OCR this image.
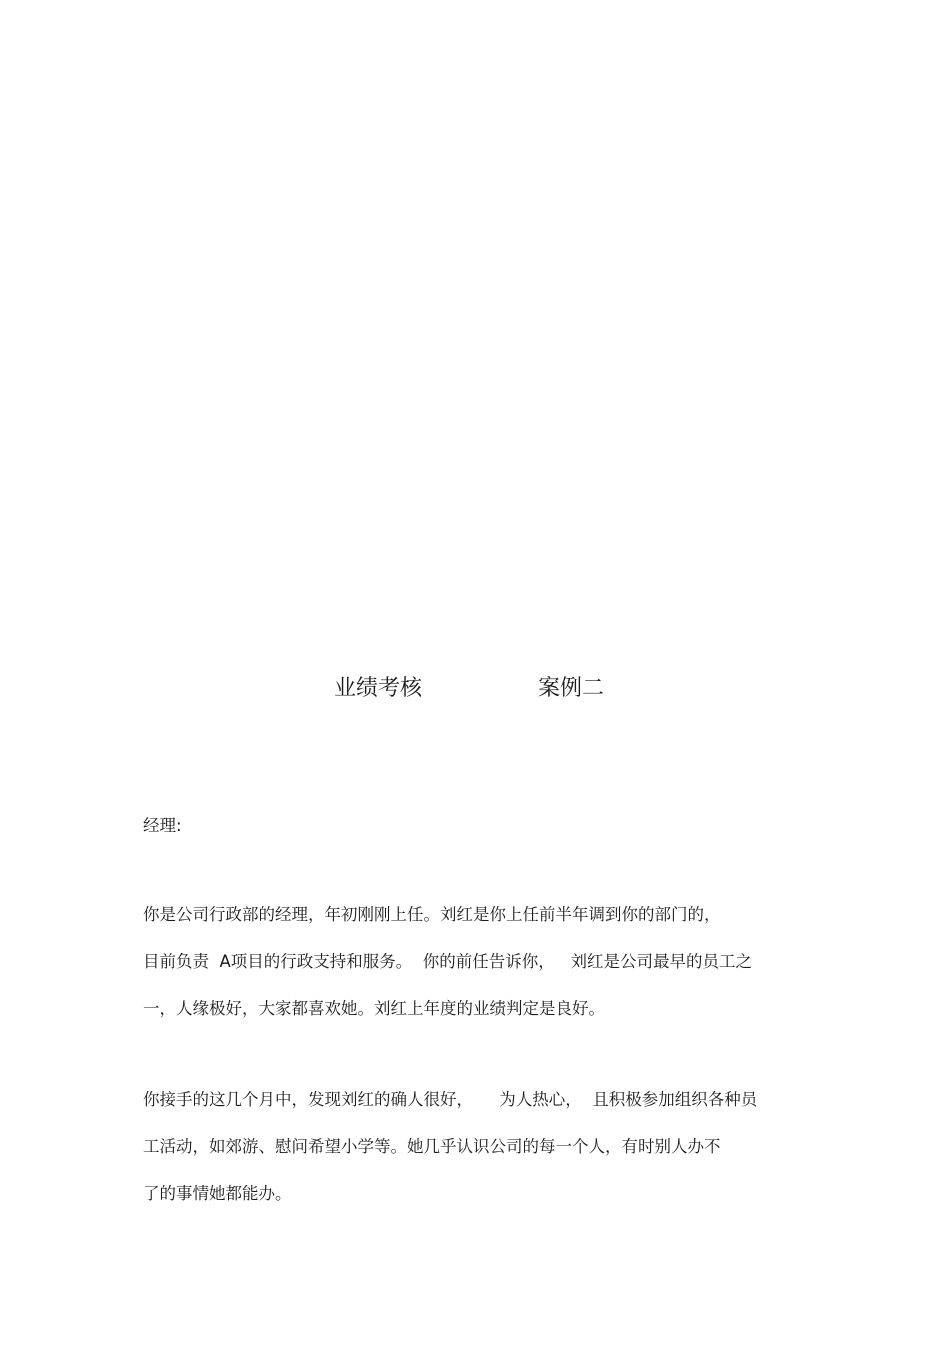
业绩考核	案例二
经理:
你是公司行政部的经理，年初刚刚上任。刘红是你上任前半年调到你的部门的，
目前负责  A项目的行政支持和服务。  你的前任告诉你，   刘红是公司最早的员工之
一，人缘极好，大家都喜欢她。刘红上年度的业绩判定是良好。
你接手的这几个月中，发现刘红的确人很好，     为人热心，  且积极参加组织各种员
工活动，如郊游、慰问希望小学等。她几乎认识公司的每一个人，有时别人办不
了的事情她都能办。
